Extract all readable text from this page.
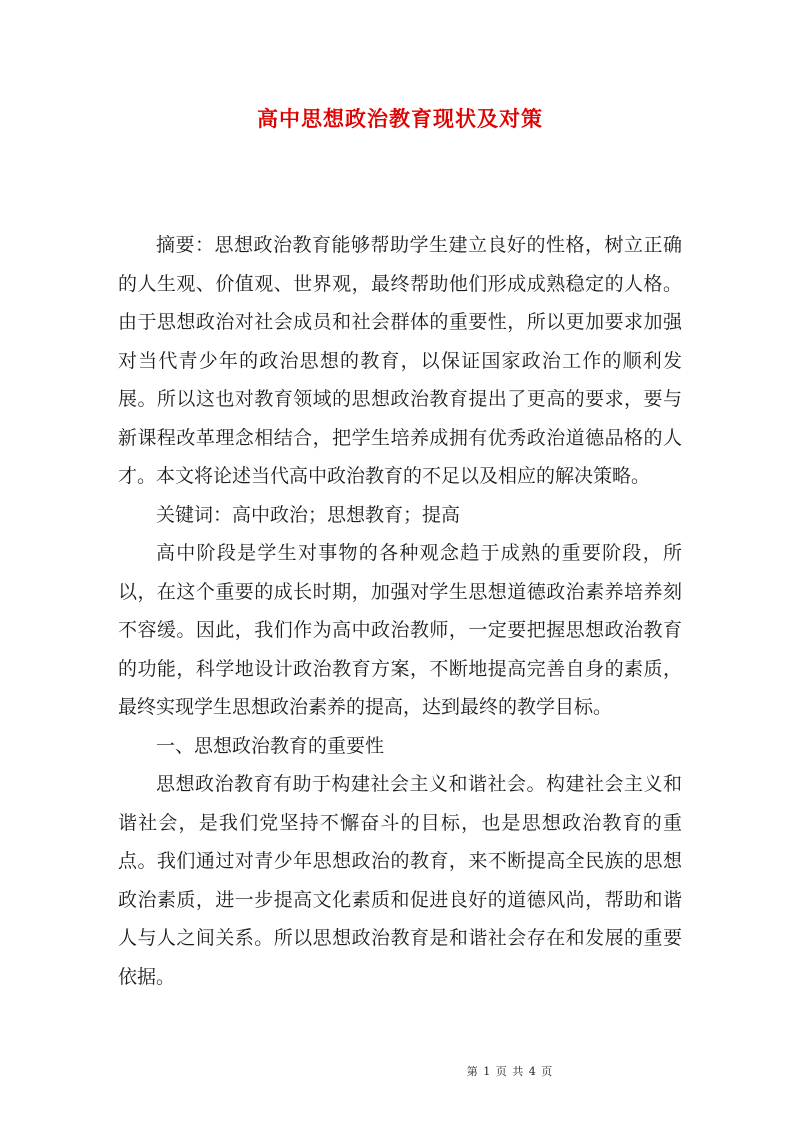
高中思想政治教育现状及对策

摘要：思想政治教育能够帮助学生建立良好的性格，树立正确的人生观、价值观、世界观，最终帮助他们形成成熟稳定的人格。由于思想政治对社会成员和社会群体的重要性，所以更加要求加强对当代青少年的政治思想的教育，以保证国家政治工作的顺利发展。所以这也对教育领域的思想政治教育提出了更高的要求，要与新课程改革理念相结合，把学生培养成拥有优秀政治道德品格的人才。本文将论述当代高中政治教育的不足以及相应的解决策略。

关键词：高中政治；思想教育；提高

高中阶段是学生对事物的各种观念趋于成熟的重要阶段，所以，在这个重要的成长时期，加强对学生思想道德政治素养培养刻不容缓。因此，我们作为高中政治教师，一定要把握思想政治教育的功能，科学地设计政治教育方案，不断地提高完善自身的素质，最终实现学生思想政治素养的提高，达到最终的教学目标。

一、思想政治教育的重要性

思想政治教育有助于构建社会主义和谐社会。构建社会主义和谐社会，是我们党坚持不懈奋斗的目标，也是思想政治教育的重点。我们通过对青少年思想政治的教育，来不断提高全民族的思想政治素质，进一步提高文化素质和促进良好的道德风尚，帮助和谐人与人之间关系。所以思想政治教育是和谐社会存在和发展的重要依据。

第 1 页 共 4 页
